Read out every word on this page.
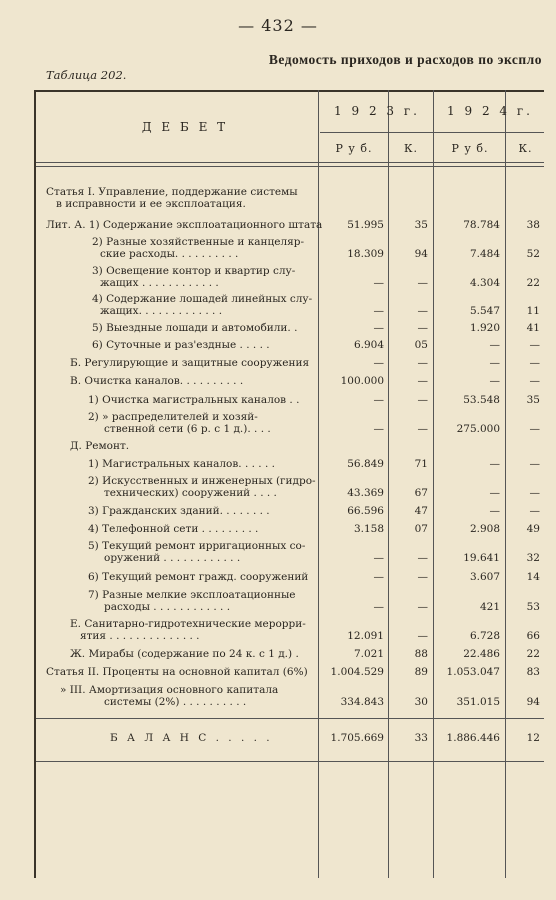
— 432 —
Ведомость приходов и расходов по экспло
Таблица 202.
Д Е Б Е Т
1 9 2 3 г.	1 9 2 4 г.
Р у б.	К.	Р у б.	К.
Статья I. Управление, поддержание системы
в исправности и ее эксплоатация.
Лит. А. 1) Содержание эксплоатационного штата	51.995	35	78.784	38
2) Разные хозяйственные и канцеляр-
ские расходы. . . . . . . . . .	18.309	94	7.484	52
3) Освещение контор и квартир слу-
жащих . . . . . . . . . . . .	—	—	4.304	22
4) Содержание лошадей линейных слу-
жащих. . . . . . . . . . . . .	—	—	5.547	11
5) Выездные лошади и автомобили. .	—	—	1.920	41
6) Суточные и раз'ездные . . . . .	6.904	05	—	—
Б. Регулирующие и защитные сооружения	—	—	—	—
В. Очистка каналов. . . . . . . . . .	100.000	—	—	—
1) Очистка магистральных каналов . .	—	—	53.548	35
2) » распределителей и хозяй-
ственной сети (6 р. с 1 д.). . . .	—	—	275.000	—
Д. Ремонт.
1) Магистральных каналов. . . . . .	56.849	71	—	—
2) Искусственных и инженерных (гидро-
технических) сооружений . . . .	43.369	67	—	—
3) Гражданских зданий. . . . . . . .	66.596	47	—	—
4) Телефонной сети . . . . . . . . .	3.158	07	2.908	49
5) Текущий ремонт ирригационных со-
оружений . . . . . . . . . . . .	—	—	19.641	32
6) Текущий ремонт гражд. сооружений	—	—	3.607	14
7) Разные мелкие эксплоатационные
расходы . . . . . . . . . . . .	—	—	421	53
Е. Санитарно-гидротехнические мероpри-
ятия . . . . . . . . . . . . . .	12.091	—	6.728	66
Ж. Мирабы (содержание по 24 к. с 1 д.) .	7.021	88	22.486	22
Статья II. Проценты на основной капитал (6%)	1.004.529	89	1.053.047	83
» III. Амортизация основного капитала
системы (2%) . . . . . . . . . .	334.843	30	351.015	94
Б А Л А Н С . . . . .	1.705.669	33	1.886.446	12
